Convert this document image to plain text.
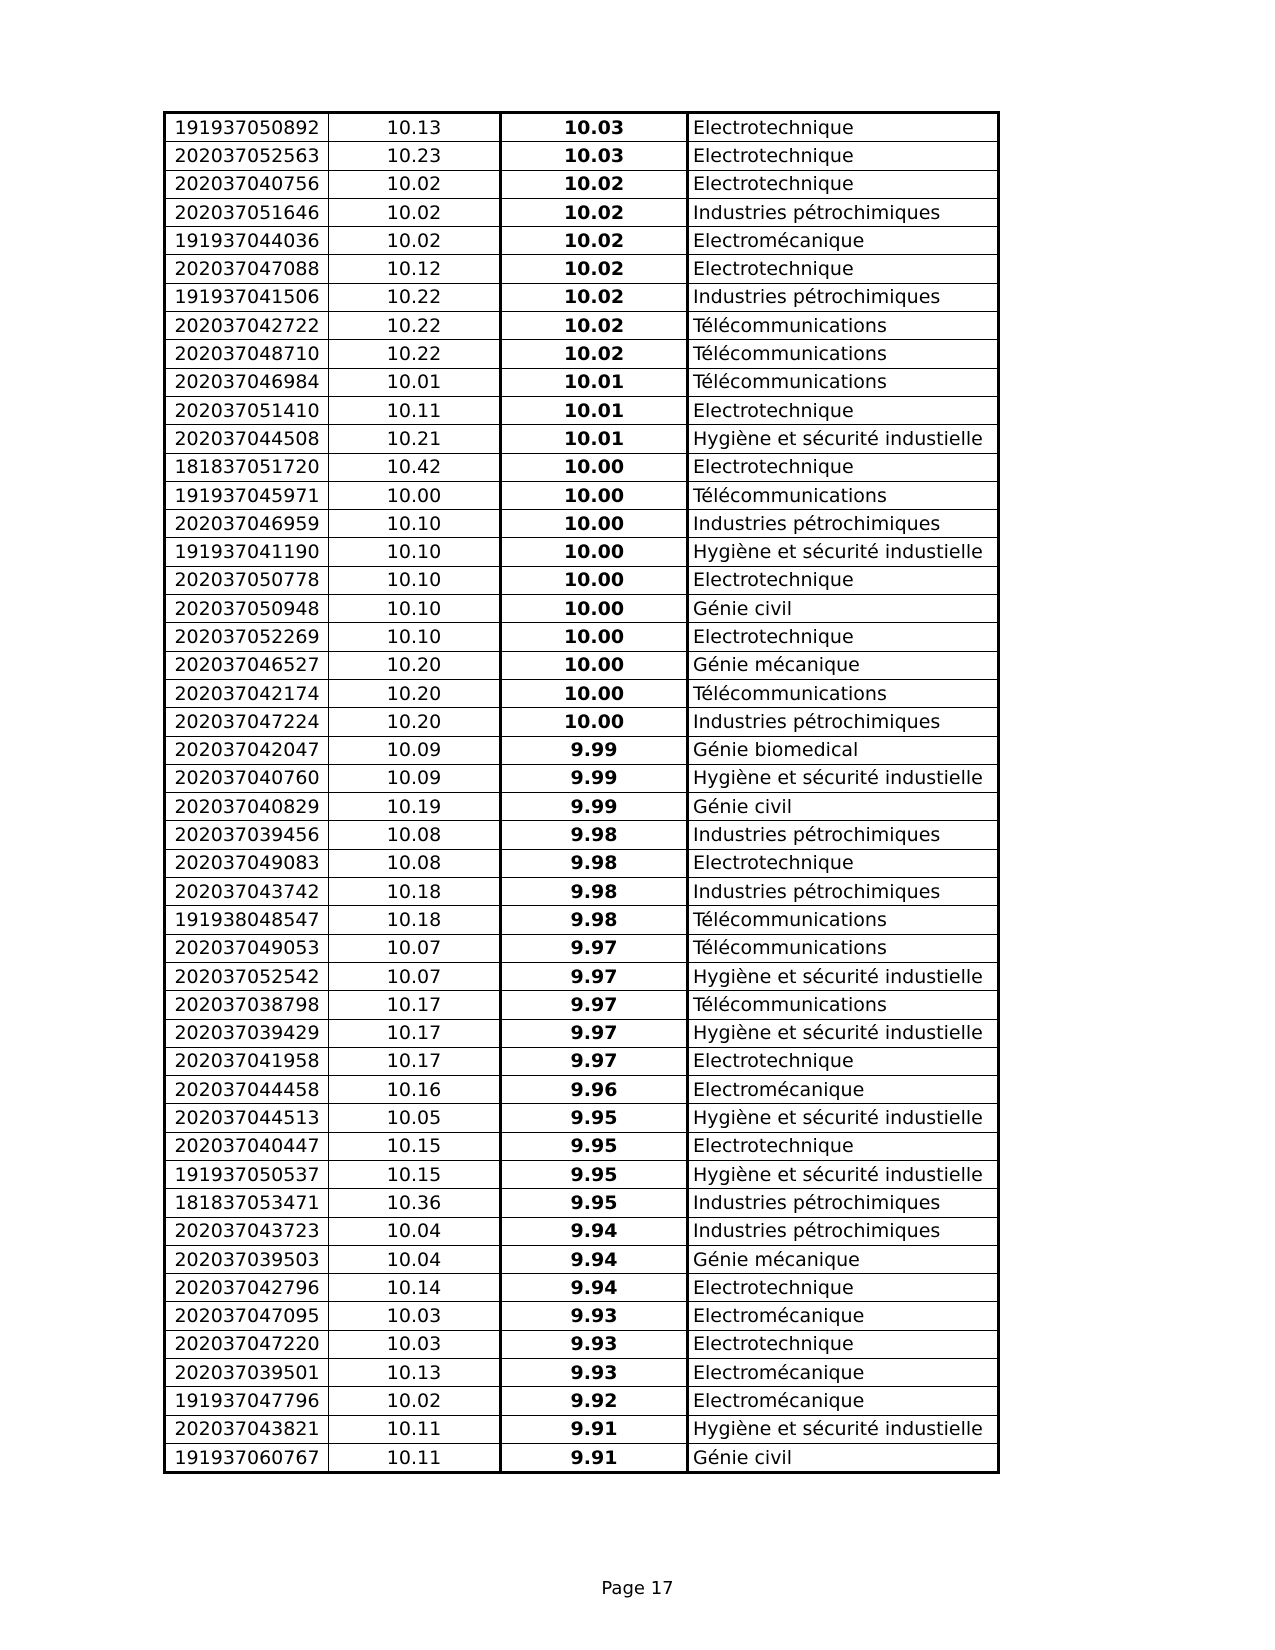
191937050892	10.13	10.03	Electrotechnique
202037052563	10.23	10.03	Electrotechnique
202037040756	10.02	10.02	Electrotechnique
202037051646	10.02	10.02	Industries pétrochimiques
191937044036	10.02	10.02	Electromécanique
202037047088	10.12	10.02	Electrotechnique
191937041506	10.22	10.02	Industries pétrochimiques
202037042722	10.22	10.02	Télécommunications
202037048710	10.22	10.02	Télécommunications
202037046984	10.01	10.01	Télécommunications
202037051410	10.11	10.01	Electrotechnique
202037044508	10.21	10.01	Hygiène et sécurité industielle
181837051720	10.42	10.00	Electrotechnique
191937045971	10.00	10.00	Télécommunications
202037046959	10.10	10.00	Industries pétrochimiques
191937041190	10.10	10.00	Hygiène et sécurité industielle
202037050778	10.10	10.00	Electrotechnique
202037050948	10.10	10.00	Génie civil
202037052269	10.10	10.00	Electrotechnique
202037046527	10.20	10.00	Génie mécanique
202037042174	10.20	10.00	Télécommunications
202037047224	10.20	10.00	Industries pétrochimiques
202037042047	10.09	9.99	Génie biomedical
202037040760	10.09	9.99	Hygiène et sécurité industielle
202037040829	10.19	9.99	Génie civil
202037039456	10.08	9.98	Industries pétrochimiques
202037049083	10.08	9.98	Electrotechnique
202037043742	10.18	9.98	Industries pétrochimiques
191938048547	10.18	9.98	Télécommunications
202037049053	10.07	9.97	Télécommunications
202037052542	10.07	9.97	Hygiène et sécurité industielle
202037038798	10.17	9.97	Télécommunications
202037039429	10.17	9.97	Hygiène et sécurité industielle
202037041958	10.17	9.97	Electrotechnique
202037044458	10.16	9.96	Electromécanique
202037044513	10.05	9.95	Hygiène et sécurité industielle
202037040447	10.15	9.95	Electrotechnique
191937050537	10.15	9.95	Hygiène et sécurité industielle
181837053471	10.36	9.95	Industries pétrochimiques
202037043723	10.04	9.94	Industries pétrochimiques
202037039503	10.04	9.94	Génie mécanique
202037042796	10.14	9.94	Electrotechnique
202037047095	10.03	9.93	Electromécanique
202037047220	10.03	9.93	Electrotechnique
202037039501	10.13	9.93	Electromécanique
191937047796	10.02	9.92	Electromécanique
202037043821	10.11	9.91	Hygiène et sécurité industielle
191937060767	10.11	9.91	Génie civil
Page 17
